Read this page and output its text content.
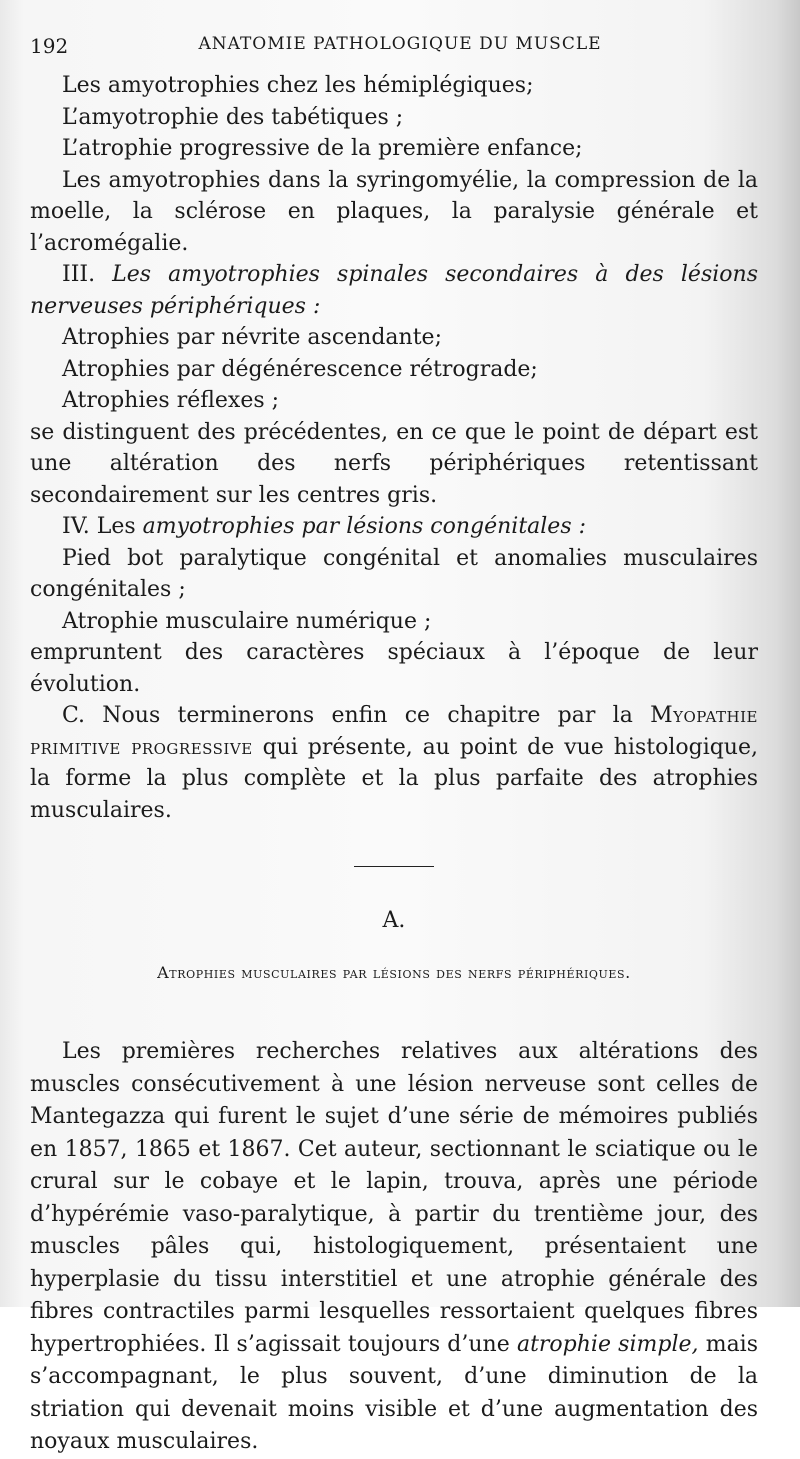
192	ANATOMIE PATHOLOGIQUE DU MUSCLE

Les amyotrophies chez les hémiplégiques;

L’amyotrophie des tabétiques ;

L’atrophie progressive de la première enfance;

Les amyotrophies dans la syringomyélie, la compression de la moelle, la sclérose en plaques, la paralysie générale et l’acromégalie.

III. Les amyotrophies spinales secondaires à des lésions nerveuses périphériques :

Atrophies par névrite ascendante;

Atrophies par dégénérescence rétrograde;

Atrophies réflexes ;

se distinguent des précédentes, en ce que le point de départ est une altération des nerfs périphériques retentissant secondairement sur les centres gris.

IV. Les amyotrophies par lésions congénitales :

Pied bot paralytique congénital et anomalies musculaires congénitales ;

Atrophie musculaire numérique ;

empruntent des caractères spéciaux à l’époque de leur évolution.

C. Nous terminerons enfin ce chapitre par la Myopathie primitive progressive qui présente, au point de vue histologique, la forme la plus complète et la plus parfaite des atrophies musculaires.

A.
Atrophies musculaires par lésions des nerfs périphériques.

Les premières recherches relatives aux altérations des muscles consécutivement à une lésion nerveuse sont celles de Mantegazza qui furent le sujet d’une série de mémoires publiés en 1857, 1865 et 1867. Cet auteur, sectionnant le sciatique ou le crural sur le cobaye et le lapin, trouva, après une période d’hypérémie vaso-paralytique, à partir du trentième jour, des muscles pâles qui, histologiquement, présentaient une hyperplasie du tissu interstitiel et une atrophie générale des fibres contractiles parmi lesquelles ressortaient quelques fibres hypertrophiées. Il s’agissait toujours d’une atrophie simple, mais s’accompagnant, le plus souvent, d’une diminution de la striation qui devenait moins visible et d’une augmentation des noyaux musculaires.
